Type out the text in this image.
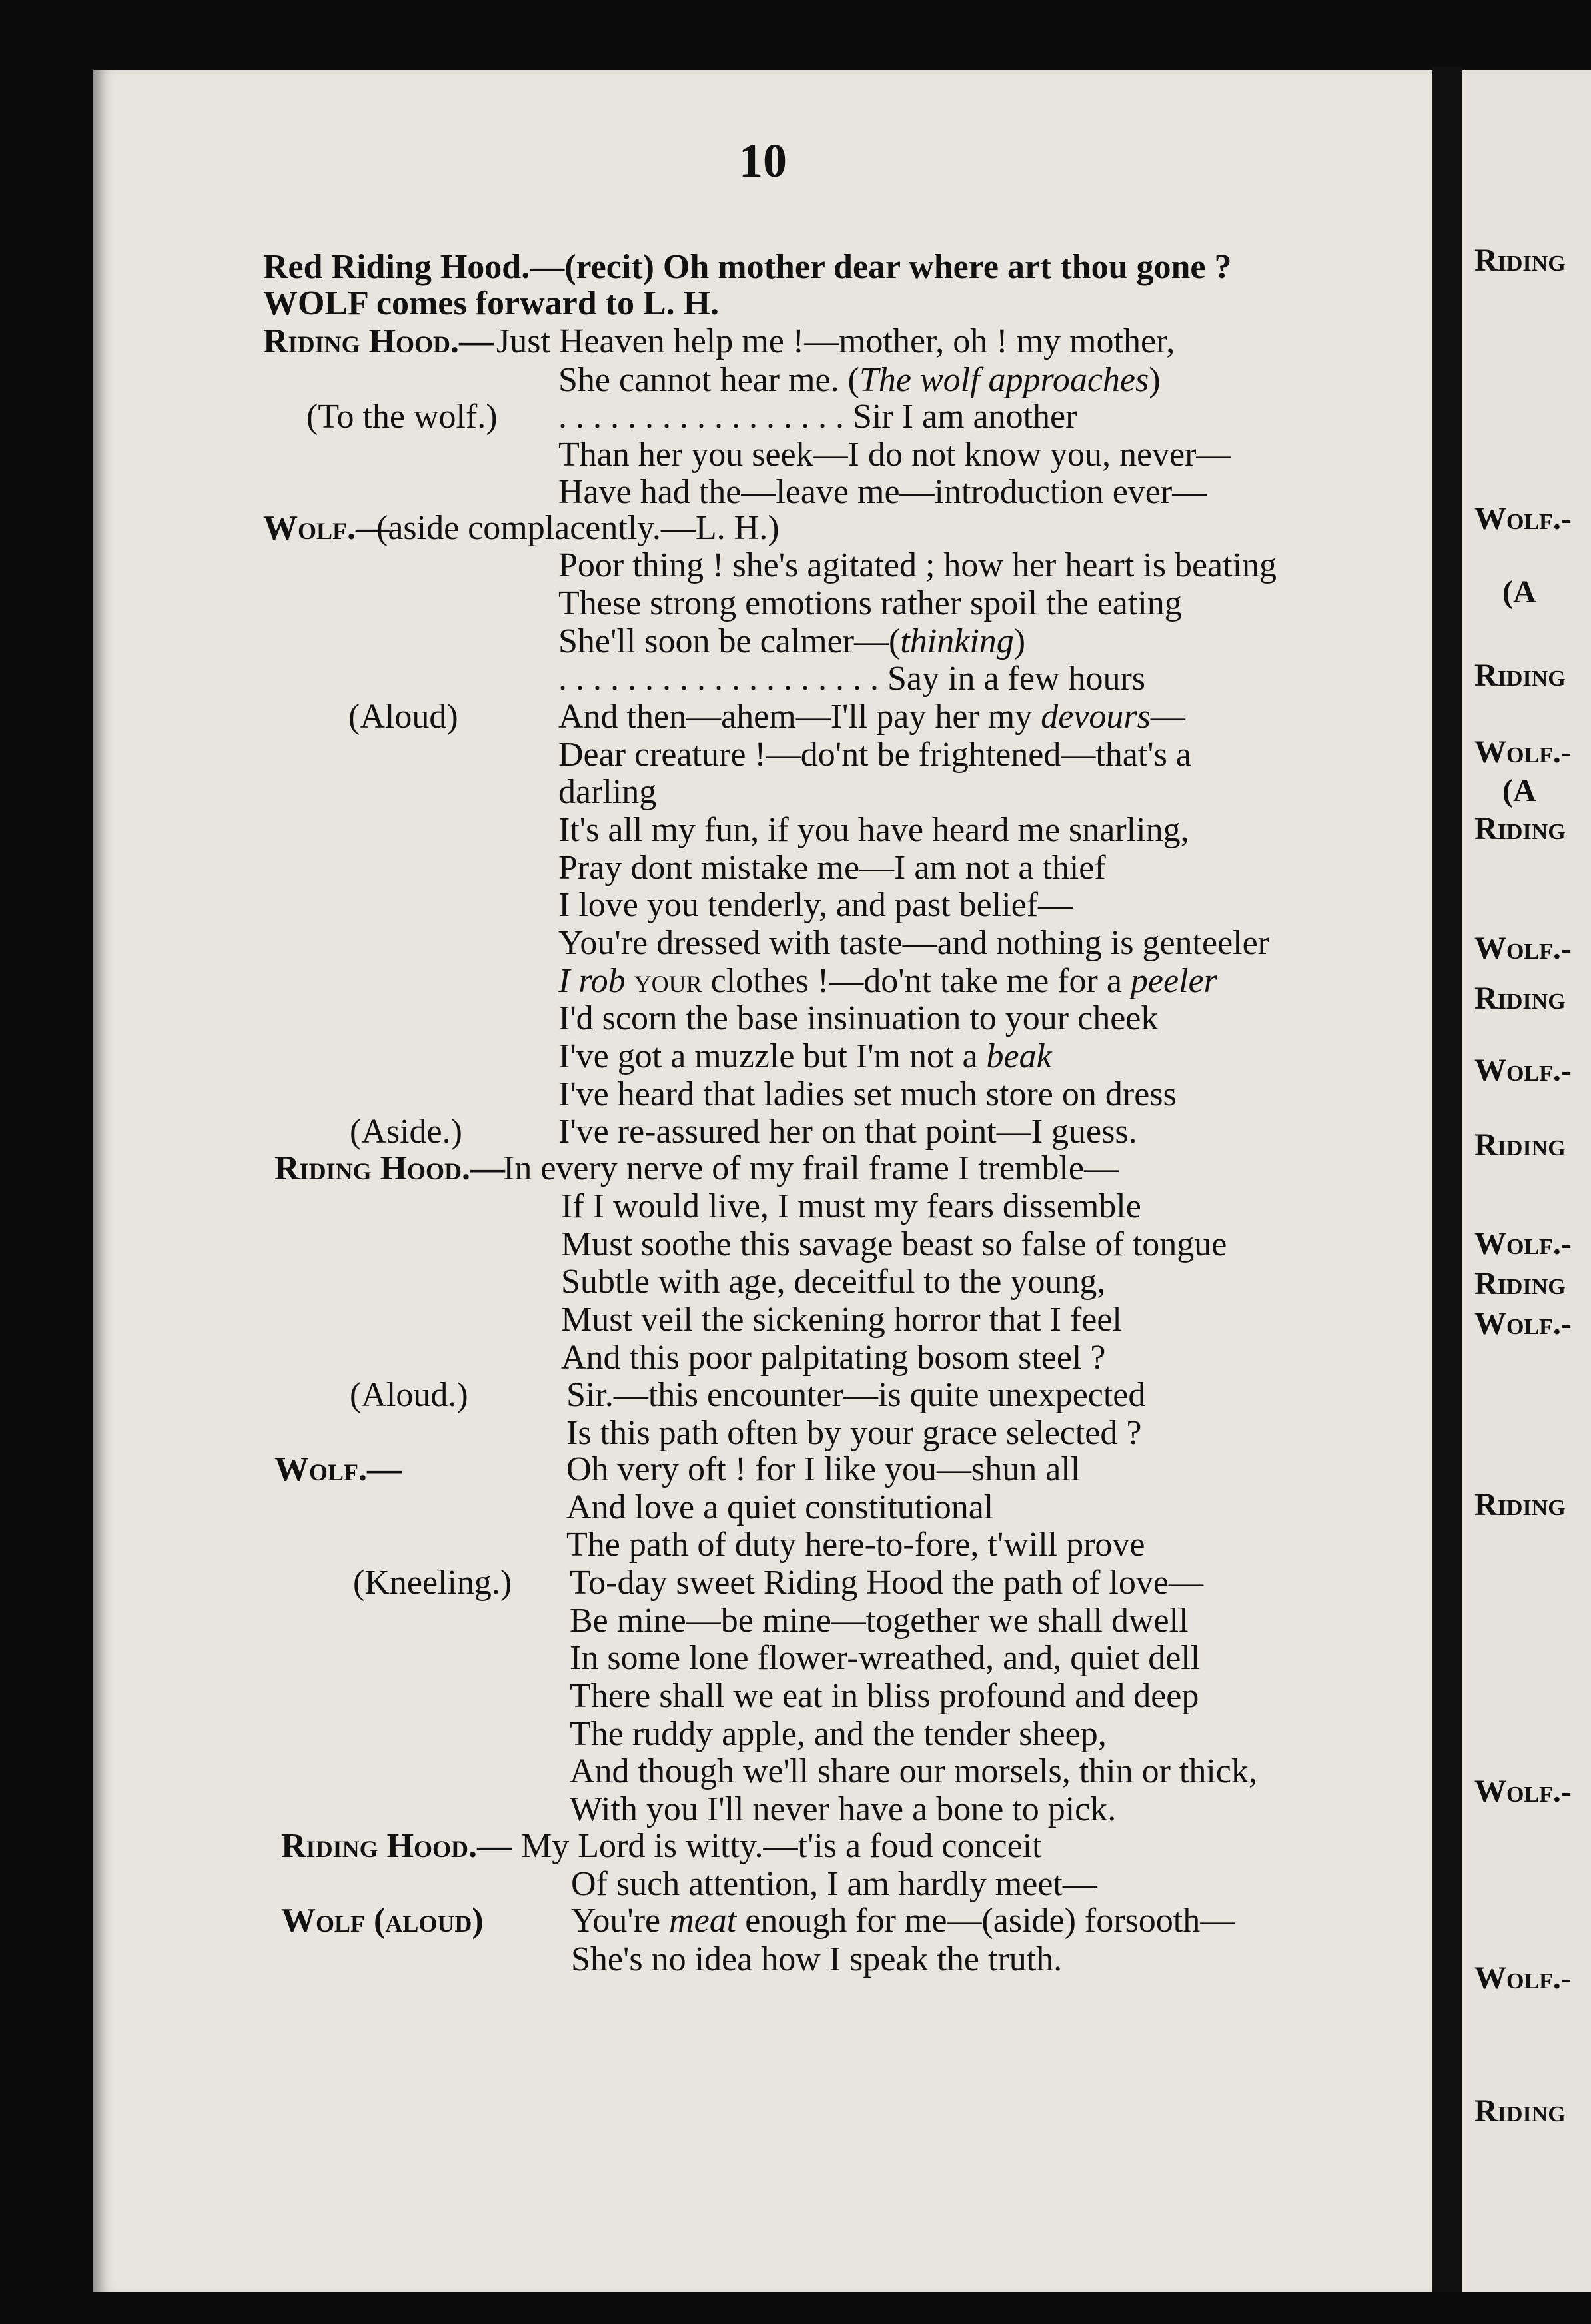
10
Red Riding Hood.—(recit) Oh mother dear where art thou gone ?
WOLF comes forward to L. H.
Riding Hood.— Just Heaven help me !—mother, oh ! my mother,
She cannot hear me. (The wolf approaches)
(To the wolf.) . . . . . . . . . . . . . . . . . Sir I am another
Than her you seek—I do not know you, never—
Have had the—leave me—introduction ever—
Wolf.—
(aside complacently.—L. H.)
Poor thing ! she's agitated ; how her heart is beating
These strong emotions rather spoil the eating
She'll soon be calmer—(thinking)
. . . . . . . . . . . . . . . . . . . Say in a few hours
(Aloud)	And then—ahem—I'll pay her my devours—
Dear creature !—do'nt be frightened—that's a
darling
It's all my fun, if you have heard me snarling,
Pray dont mistake me—I am not a thief
I love you tenderly, and past belief—
You're dressed with taste—and nothing is genteeler
I rob your clothes !—do'nt take me for a peeler
I'd scorn the base insinuation to your cheek
I've got a muzzle but I'm not a beak
I've heard that ladies set much store on dress
(Aside.)	I've re-assured her on that point—I guess.
Riding Hood.—
In every nerve of my frail frame I tremble—
If I would live, I must my fears dissemble
Must soothe this savage beast so false of tongue
Subtle with age, deceitful to the young,
Must veil the sickening horror that I feel
And this poor palpitating bosom steel ?
(Aloud.)	Sir.—this encounter—is quite unexpected
Is this path often by your grace selected ?
Wolf.—	Oh very oft ! for I like you—shun all
And love a quiet constitutional
The path of duty here-to-fore, t'will prove
(Kneeling.) To-day sweet Riding Hood the path of love—
Be mine—be mine—together we shall dwell
In some lone flower-wreathed, and, quiet dell
There shall we eat in bliss profound and deep
The ruddy apple, and the tender sheep,
And though we'll share our morsels, thin or thick,
With you I'll never have a bone to pick.
Riding Hood.— My Lord is witty.—t'is a foud conceit
Of such attention, I am hardly meet—
Wolf (aloud)	You're meat enough for me—(aside) forsooth—
She's no idea how I speak the truth.
Riding
Wolf.-
(A
Riding
Wolf.-
(A
Riding
Wolf.-
Riding
Wolf.-
Riding
Wolf.-
Riding
Wolf.-
Riding
Wolf.-
Wolf.-
Riding
